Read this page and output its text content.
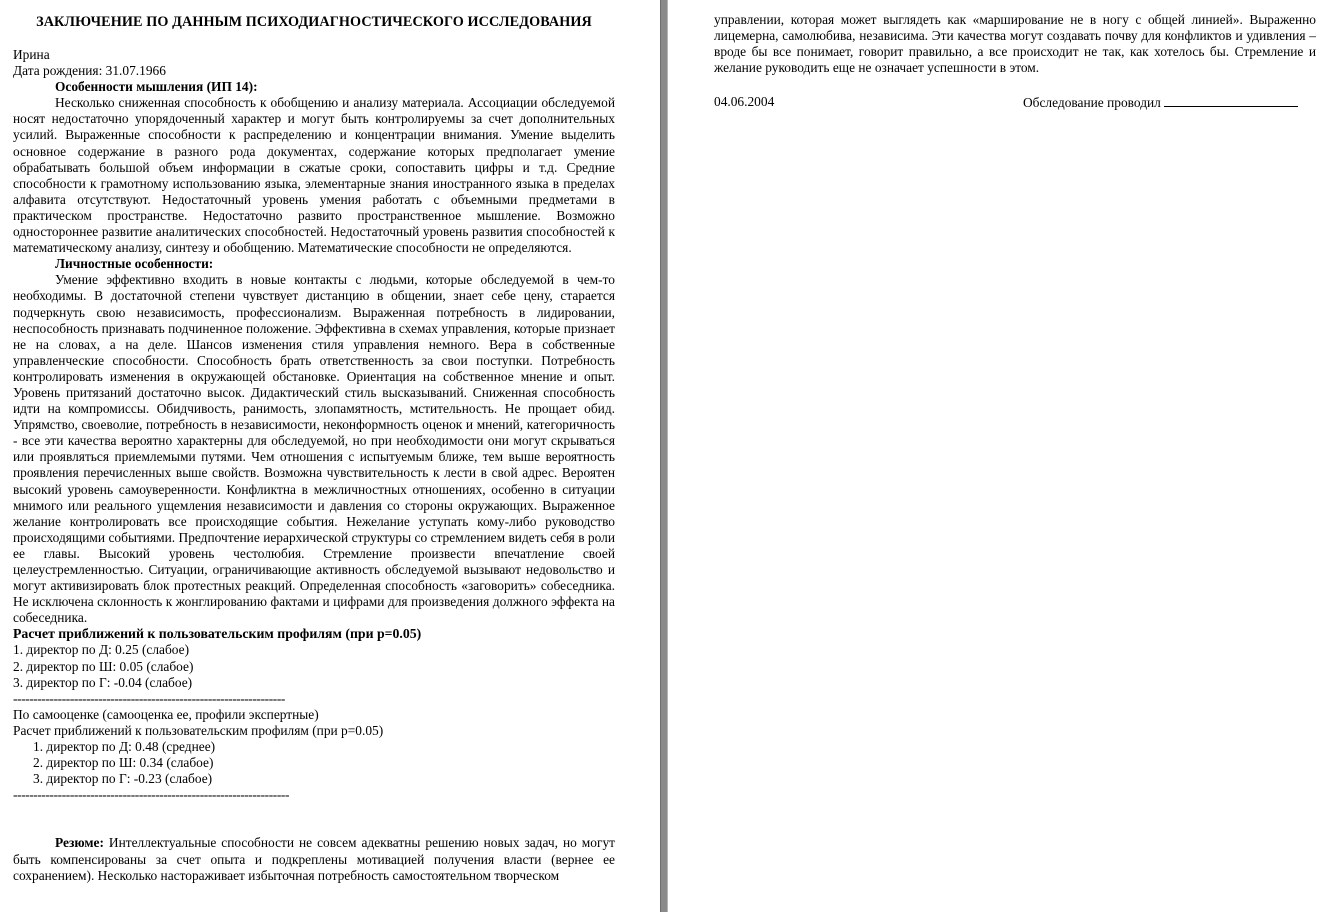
ЗАКЛЮЧЕНИЕ ПО ДАННЫМ ПСИХОДИАГНОСТИЧЕСКОГО ИССЛЕДОВАНИЯ

Ирина

Дата рождения: 31.07.1966

Особенности мышления (ИП 14):

Несколько сниженная способность к обобщению и анализу материала. Ассоциации обследуемой носят недостаточно упорядоченный характер и могут быть контролируемы за счет дополнительных усилий. Выраженные способности к распределению и концентрации внимания. Умение выделить основное содержание в разного рода документах, содержание которых предполагает умение обрабатывать большой объем информации в сжатые сроки, сопоставить цифры и т.д. Средние способности к грамотному использованию языка, элементарные знания иностранного языка в пределах алфавита отсутствуют. Недостаточный уровень умения работать с объемными предметами в практическом пространстве. Недостаточно развито пространственное мышление. Возможно одностороннее развитие аналитических способностей. Недостаточный уровень развития способностей к математическому анализу, синтезу и обобщению. Математические способности не определяются.

Личностные особенности:

Умение эффективно входить в новые контакты с людьми, которые обследуемой в чем-то необходимы. В достаточной степени чувствует дистанцию в общении, знает себе цену, старается подчеркнуть свою независимость, профессионализм. Выраженная потребность в лидировании, неспособность признавать подчиненное положение. Эффективна в схемах управления, которые признает не на словах, а на деле. Шансов изменения стиля управления немного. Вера в собственные управленческие способности. Способность брать ответственность за свои поступки. Потребность контролировать изменения в окружающей обстановке. Ориентация на собственное мнение и опыт. Уровень притязаний достаточно высок. Дидактический стиль высказываний. Сниженная способность идти на компромиссы. Обидчивость, ранимость, злопамятность, мстительность. Не прощает обид. Упрямство, своеволие, потребность в независимости, неконформность оценок и мнений, категоричность - все эти качества вероятно характерны для обследуемой, но при необходимости они могут скрываться или проявляться приемлемыми путями. Чем отношения с испытуемым ближе, тем выше вероятность проявления перечисленных выше свойств. Возможна чувствительность к лести в свой адрес. Вероятен высокий уровень самоуверенности. Конфликтна в межличностных отношениях, особенно в ситуации мнимого или реального ущемления независимости и давления со стороны окружающих. Выраженное желание контролировать все происходящие события. Нежелание уступать кому-либо руководство происходящими событиями. Предпочтение иерархической структуры со стремлением видеть себя в роли ее главы. Высокий уровень честолюбия. Стремление произвести впечатление своей целеустремленностью. Ситуации, ограничивающие активность обследуемой вызывают недовольство и могут активизировать блок протестных реакций. Определенная способность «заговорить» собеседника. Не исключена склонность к жонглированию фактами и цифрами для произведения должного эффекта на собеседника.

Расчет приближений к пользовательским профилям (при p=0.05)

1. директор по Д: 0.25 (слабое)

2. директор по Ш: 0.05 (слабое)

3. директор по Г: -0.04 (слабое)

-------------------------------------------------------------------

По самооценке (самооценка ее, профили экспертные)

Расчет приближений к пользовательским профилям (при p=0.05)

1. директор по Д: 0.48 (среднее)

2. директор по Ш: 0.34 (слабое)

3. директор по Г: -0.23 (слабое)

--------------------------------------------------------------------

Резюме: Интеллектуальные способности не совсем адекватны решению новых задач, но могут быть компенсированы за счет опыта и подкреплены мотивацией получения власти (вернее ее сохранением). Несколько настораживает избыточная потребность самостоятельном творческом

управлении, которая может выглядеть как «марширование не в ногу с общей линией». Выраженно лицемерна, самолюбива, независима. Эти качества могут создавать почву для конфликтов и удивления – вроде бы все понимает, говорит правильно, а все происходит не так, как хотелось бы. Стремление и желание руководить еще не означает успешности в этом.

04.06.2004	Обследование проводил
